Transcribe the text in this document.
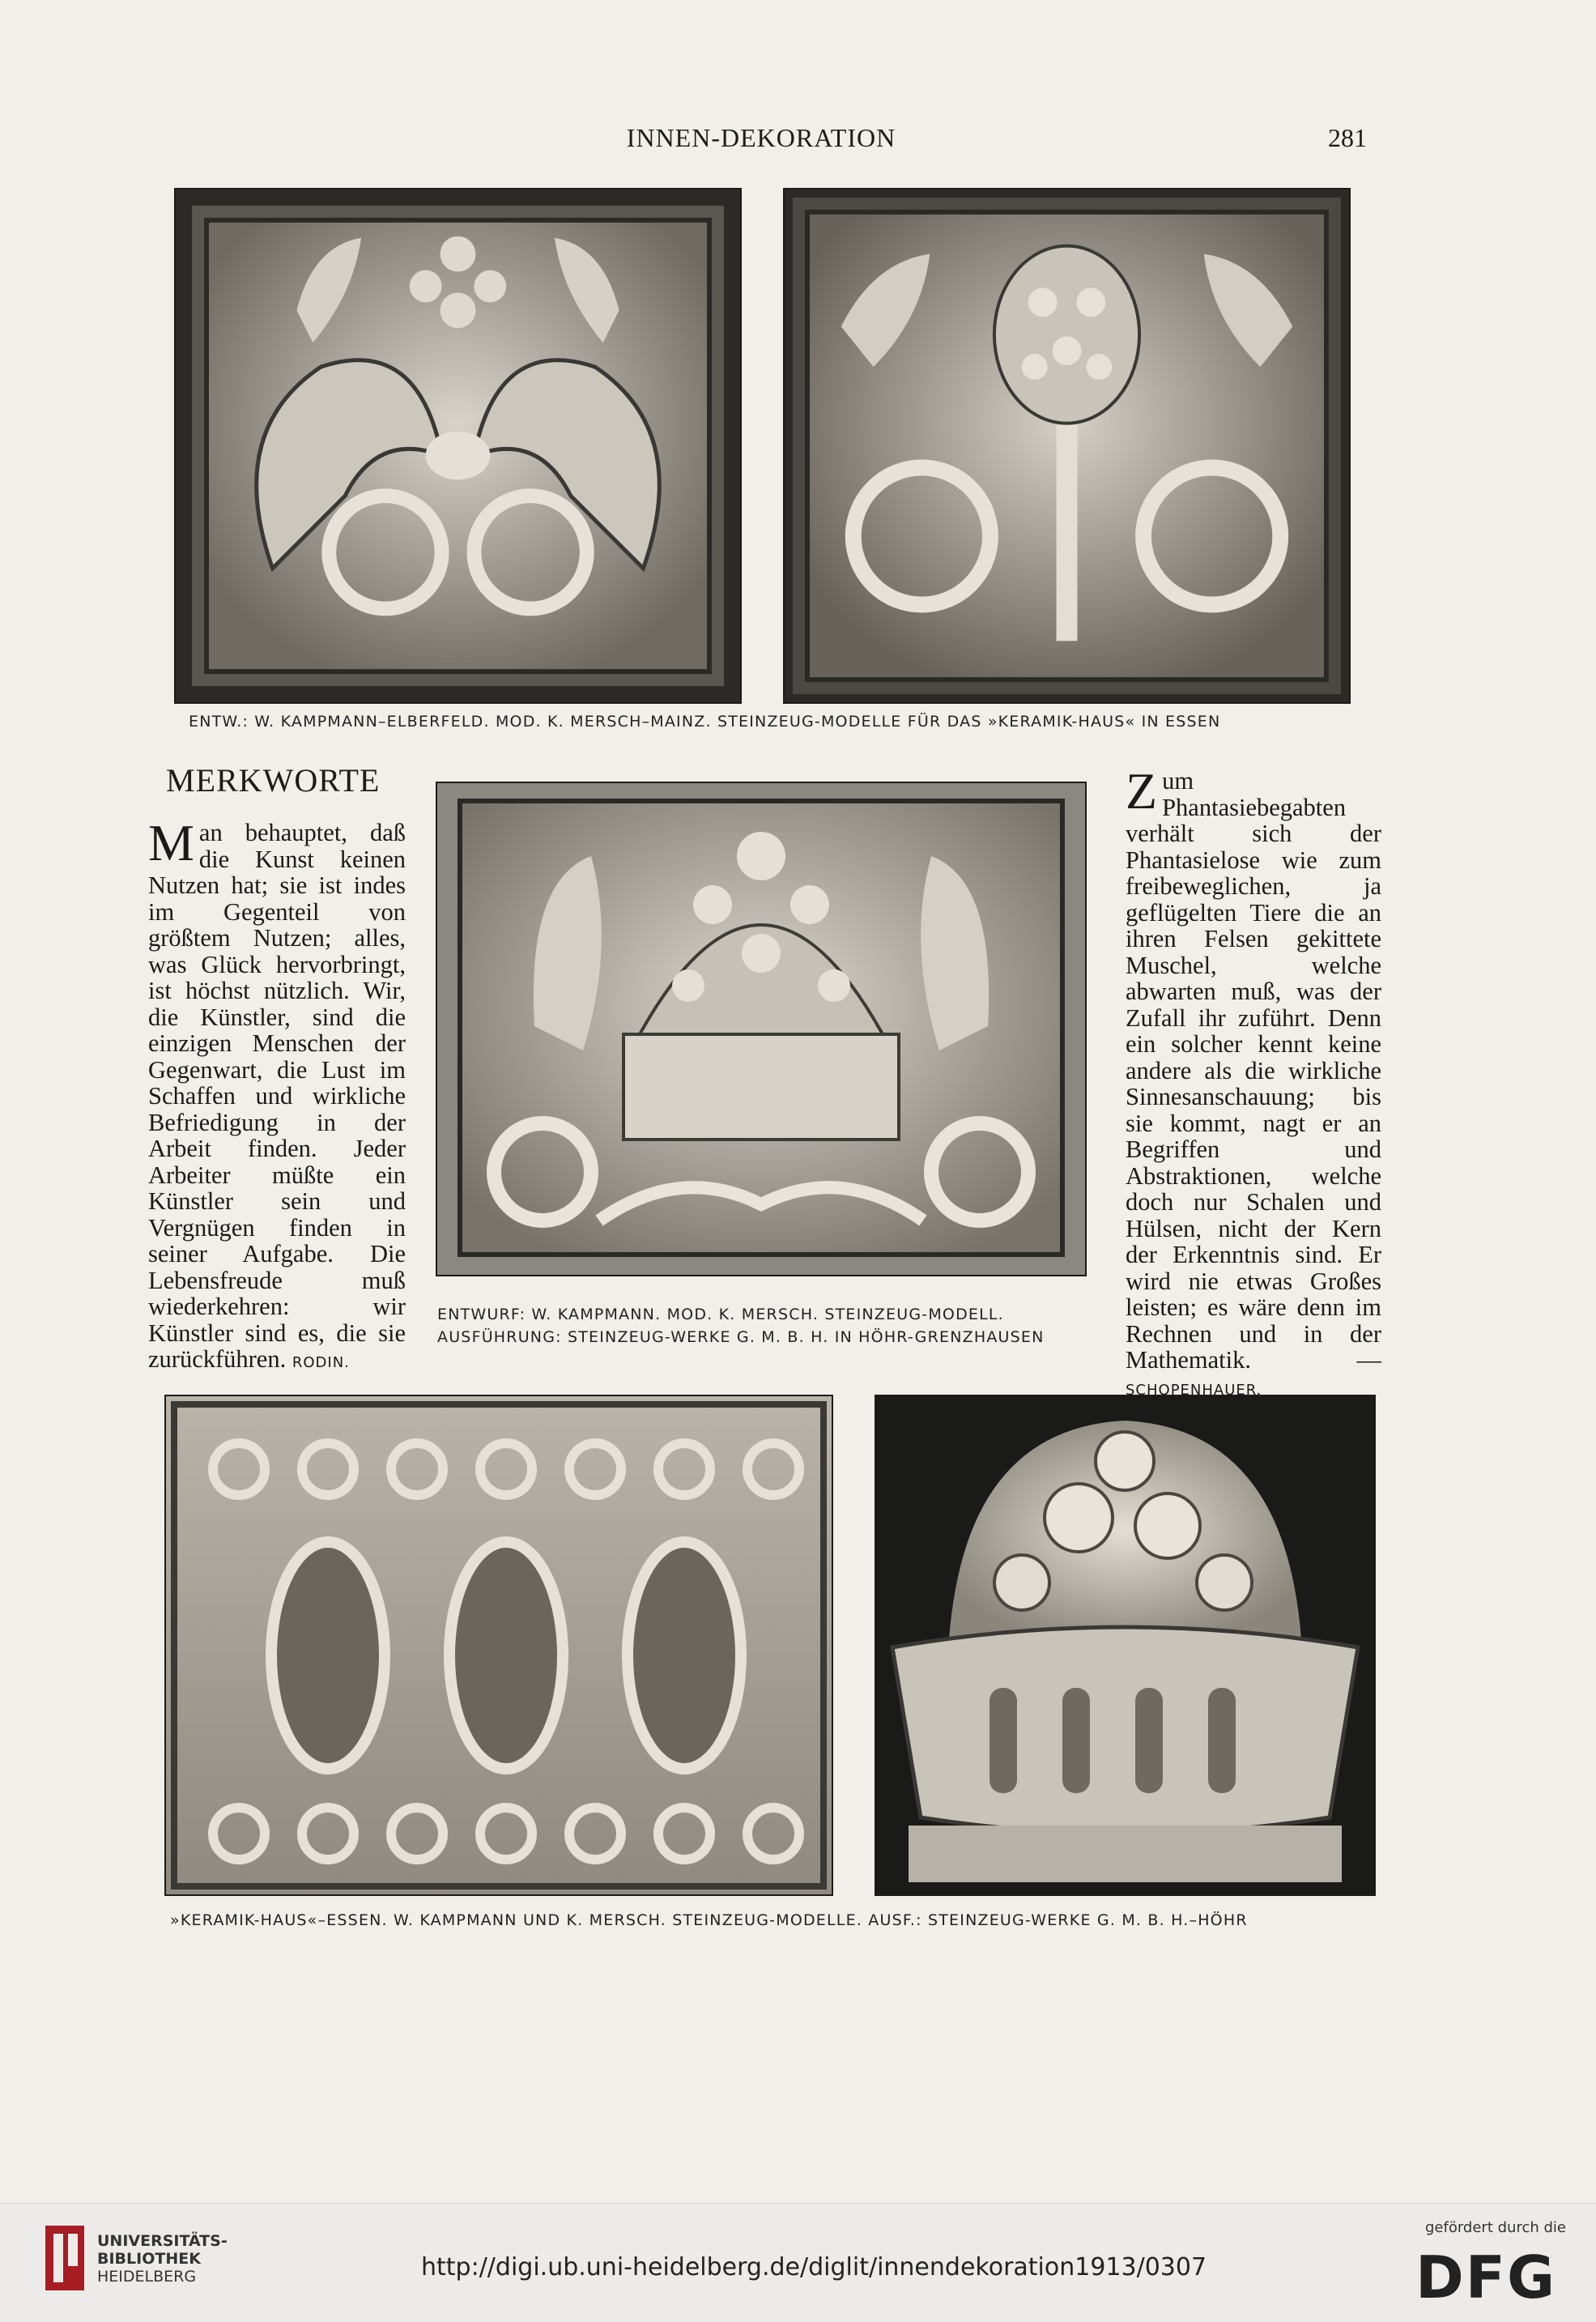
INNEN-DEKORATION	281
ENTW.: W. KAMPMANN–ELBERFELD. MOD. K. MERSCH–MAINZ. STEINZEUG-MODELLE FÜR DAS »KERAMIK-HAUS« IN ESSEN
MERKWORTE
Man behauptet, daß die Kunst keinen Nutzen hat; sie ist indes im Gegenteil von größtem Nutzen; alles, was Glück hervorbringt, ist höchst nützlich. Wir, die Künstler, sind die einzigen Menschen der Gegenwart, die Lust im Schaffen und wirkliche Befriedigung in der Arbeit finden. Jeder Arbeiter müßte ein Künstler sein und Vergnügen finden in seiner Aufgabe. Die Lebensfreude muß wiederkehren: wir Künstler sind es, die sie zurückführen. RODIN.
ENTWURF: W. KAMPMANN. MOD. K. MERSCH. STEINZEUG-MODELL.
AUSFÜHRUNG: STEINZEUG-WERKE G. M. B. H. IN HÖHR-GRENZHAUSEN
Zum Phantasiebegabten verhält sich der Phantasielose wie zum freibeweglichen, ja geflügelten Tiere die an ihren Felsen gekittete Muschel, welche abwarten muß, was der Zufall ihr zuführt. Denn ein solcher kennt keine andere als die wirkliche Sinnesanschauung; bis sie kommt, nagt er an Begriffen und Abstraktionen, welche doch nur Schalen und Hülsen, nicht der Kern der Erkenntnis sind. Er wird nie etwas Großes leisten; es wäre denn im Rechnen und in der Mathematik. — SCHOPENHAUER.
»KERAMIK-HAUS«–ESSEN. W. KAMPMANN UND K. MERSCH. STEINZEUG-MODELLE. AUSF.: STEINZEUG-WERKE G. M. B. H.–HÖHR
UNIVERSITÄTS-
BIBLIOTHEK
HEIDELBERG	http://digi.ub.uni-heidelberg.de/diglit/innendekoration1913/0307
gefördert durch die
DFG
